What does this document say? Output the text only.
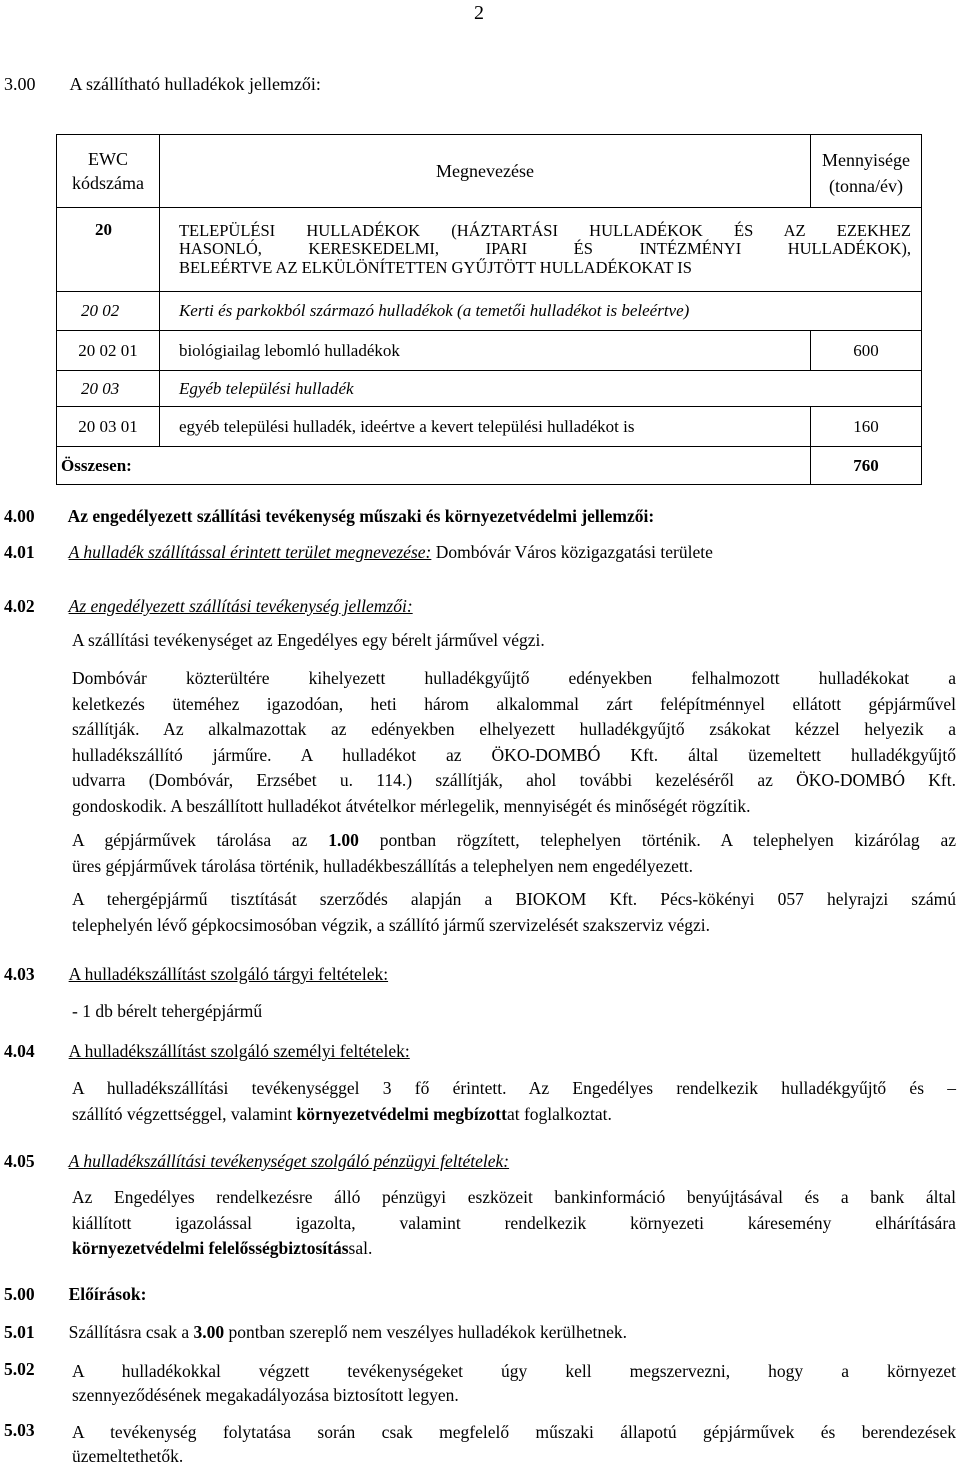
2
3.00 A szállítható hulladékok jellemzői:
EWC
kódszáma	Megnevezése	Mennyisége
(tonna/év)
20	TELEPÜLÉSI HULLADÉKOK (HÁZTARTÁSI HULLADÉKOK ÉS AZ EZEKHEZ
HASONLÓ, KERESKEDELMI, IPARI ÉS INTÉZMÉNYI HULLADÉKOK),
BELEÉRTVE AZ ELKÜLÖNÍTETTEN GYŰJTÖTT HULLADÉKOKAT IS	

20 02	Kerti és parkokból származó hulladékok (a temetői hulladékot is beleértve)	
20 02 01	biológiailag lebomló hulladékok	600
20 03	Egyéb települési hulladék	
20 03 01	egyéb települési hulladék, ideértve a kevert települési hulladékot is	160
Összesen:		760
4.00 Az engedélyezett szállítási tevékenység műszaki és környezetvédelmi jellemzői:
4.01 A hulladék szállítással érintett terület megnevezése: Dombóvár Város közigazgatási területe
4.02 Az engedélyezett szállítási tevékenység jellemzői:
A szállítási tevékenységet az Engedélyes egy bérelt járművel végzi.
Dombóvár közterültére kihelyezett hulladékgyűjtő edényekben felhalmozott hulladékokat a
keletkezés üteméhez igazodóan, heti három alkalommal zárt felépítménnyel ellátott gépjárművel
szállítják. Az alkalmazottak az edényekben elhelyezett hulladékgyűjtő zsákokat kézzel helyezik a
hulladékszállító járműre. A hulladékot az ÖKO-DOMBÓ Kft. által üzemeltett hulladékgyűjtő
udvarra (Dombóvár, Erzsébet u. 114.) szállítják, ahol további kezeléséről az ÖKO-DOMBÓ Kft.
gondoskodik. A beszállított hulladékot átvételkor mérlegelik, mennyiségét és minőségét rögzítik.
A gépjárművek tárolása az 1.00 pontban rögzített, telephelyen történik. A telephelyen kizárólag az
üres gépjárművek tárolása történik, hulladékbeszállítás a telephelyen nem engedélyezett.
A tehergépjármű tisztítását szerződés alapján a BIOKOM Kft. Pécs-kökényi 057 helyrajzi számú
telephelyén lévő gépkocsimosóban végzik, a szállító jármű szervizelését szakszerviz végzi.
4.03 A hulladékszállítást szolgáló tárgyi feltételek:
- 1 db bérelt tehergépjármű
4.04 A hulladékszállítást szolgáló személyi feltételek:
A hulladékszállítási tevékenységgel 3 fő érintett. Az Engedélyes rendelkezik hulladékgyűjtő és –
szállító végzettséggel, valamint környezetvédelmi megbízottat foglalkoztat.
4.05 A hulladékszállítási tevékenységet szolgáló pénzügyi feltételek:
Az Engedélyes rendelkezésre álló pénzügyi eszközeit bankinformáció benyújtásával és a bank által
kiállított	igazolással	igazolta,	valamint	rendelkezik	környezeti	káresemény	elhárítására
környezetvédelmi felelősségbiztosítással.
5.00 Előírások:
5.01 Szállításra csak a 3.00 pontban szereplő nem veszélyes hulladékok kerülhetnek.
5.02 A hulladékokkal végzett tevékenységeket úgy kell megszervezni, hogy a környezet
szennyeződésének megakadályozása biztosított legyen.
5.03 A tevékenység folytatása során csak megfelelő műszaki állapotú gépjárművek és berendezések
üzemeltethetők.
